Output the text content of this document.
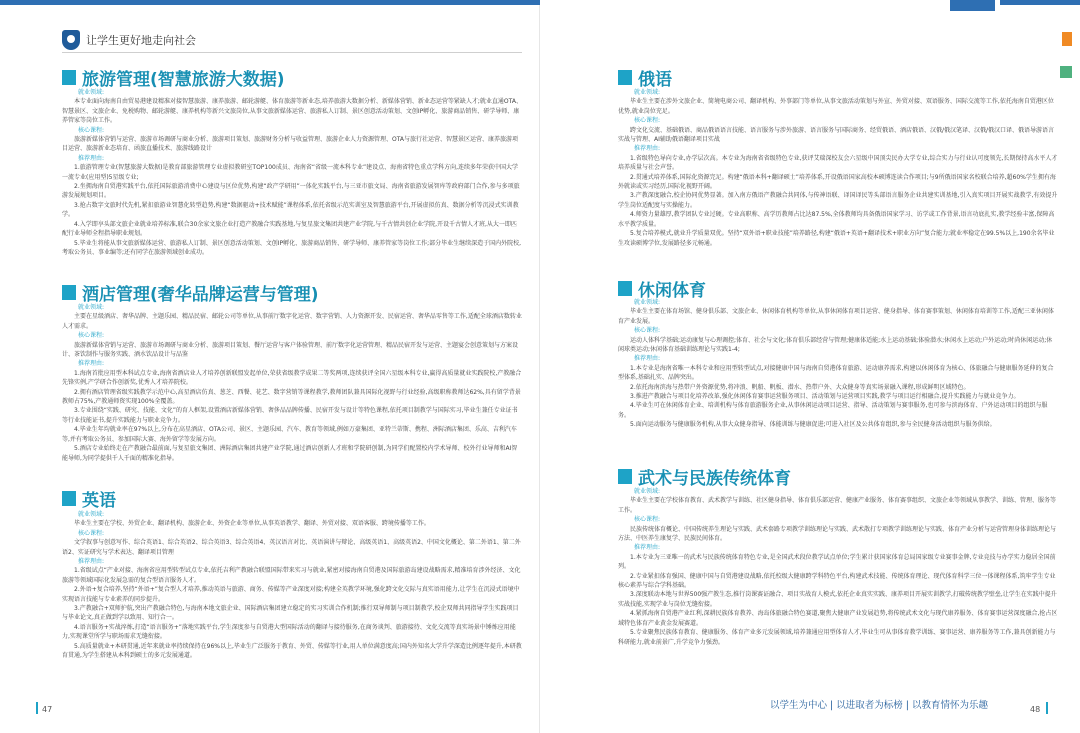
让学生更好地走向社会
旅游管理(智慧旅游大数据)
就业领域:

本专业面向海南自由贸易港建设精准对接智慧旅游、康养旅游、邮轮游艇、体育旅游等新业态,培养旅游大数据分析、新媒体营销、新业态运营等紧缺人才;就业直通OTA、智慧景区、文旅企业、免税购物、邮轮游艇、康养机构等新兴文旅岗位,从事文旅新媒体运营、旅游私人订制、景区创意活动策划、文创IP孵化、旅游商品销售、研学导师、康养管家等岗位工作。

核心课程:

旅游新媒体营销与运营、旅游市场调研与商业分析、旅游项目策划、旅游财务分析与收益管理、旅游企业人力资源管理、OTA与旅行社运营、智慧景区运营、康养旅游项目运营、旅游新业态培育、函旅直播技术、旅游线路设计

推荐理由:

1.旅游管理专业(智慧旅游大数据)是教育部旅游管理专业虚拟教研室TOP100成员、海南省“省级一流本科专业”建设点、海南省特色重点学科方向,连续多年荣获中国大学一流专业(应用型)5星级专业;

2.坐拥海南自贸港实践平台,依托国际旅游消费中心建设与区位优势,构建“政产学研用”一体化实践平台,与三亚市旅文局、海南省旅游发展智库等政府部门合作,参与多项旅游发展规划项目。

3.抢占数字文旅时代先机,紧扣旅游业智慧化转型趋势,构建“数据驱动+技术赋能”课程体系,依托省级示范实训室及智慧旅游平台,开展虚拟仿真、数据分析等沉浸式实训教学。

4.入学即享头部文旅企业就业培养标准,联合30余家文旅企业打造产教融合实践基地,与复星旅文集团共建产业学院,与千古情共创企业学院,开设千古情人才班,从大一即匹配行业导师全程指导职业规划。

5.毕业生将能从事文旅新媒体运营、旅游私人订制、景区创意活动策划、文创IP孵化、旅游商品销售、研学导师、康养管家等岗位工作;部分毕业生继续深造于国内外院校,考取公务员、事业编等;还有同学在旅游领域创业成功。

酒店管理(奢华品牌运营与管理)
就业领域:

主要在星级酒店、奢华品牌、主题乐园、精品民宿、邮轮公司等单位,从事前厅数字化运营、数字营销、人力资源开发、民宿运营、奢华品零售等工作,适配全球酒店数转业人才需求。

核心课程:

旅游新媒体营销与运营、旅游市场调研与商业分析、旅游项目策划、餐厅运营与客户体验管理、前厅数字化运营管理、精品民宿开发与运营、主题宴会创意策划与方案设计、茶饮制作与服务实践、酒水饮品设计与品鉴

推荐理由:

1.海南首批应用型本科试点专业,海南省酒店业人才培养创新联盟发起单位,荣获省级教学成果二等奖两项,连续获评全国六星级本科专业,赢得高质量就业实践院校,产教融合先锋实例,产学研合作创新奖,优秀人才培养院校。

2.拥有酒店管理省级实践教学示范中心,高星酒店仿真、葱芝、西餐、花艺、数字营销等课程教学,教师团队兼具国际化视野与行业经验,高级职称教师达62%,具有留学背景教师占75%,产教通师资实现100%全覆盖。

3.专业围绕“实践、研究、技能、文化”的育人框架,设置酒店新媒体营销、奢侈品品牌传播、民宿开发与设计等特色课程,依托项目制教学与国际实习,毕业生兼任专业证书等行业技能证书,提升实践能力与职业竞争力。

4.毕业生年均就业率在97%以上,分布在高星酒店、OTA公司、景区、主题乐园、汽车、教育等领域,例如万豪集团、亚特兰蒂斯、携程、洲际酒店集团、乐高、吉利汽车等,并有考取公务员、参加国际大赛、海外留学等发展方向。

5.酒店专业始终走在产教融合最前面,与复星旅文集团、洲际酒店集团共建产业学院,通过酒店创新人才班和学院研创制,为同学们配置校内学术导师、校外行业导师和AI智能导师,为同学提供千人千面的精准化指导。

英语
就业领域:

毕业生主要在学校、外贸企业、翻译机构、旅游企业、外资企业等单位,从事英语教学、翻译、外贸对接、双语客服、跨境传播等工作。

核心课程:

文学叙事与创意写作、综合英语1、综合英语2、综合英语3、综合英语4、英汉语言对比、英语演讲与辩论、高级英语1、高级英语2、中国文化概论、第二外语1、第二外语2、实证研究与学术表达、翻译项目管理

推荐理由:

1.省级试点“产业对接、海南省应用型转型试点专业,依托吉利产教融合联盟国际带来实习与就业,紧密对接海南自贸港及国际旅游岛建设战略需求,精准培育涉外经济、文化旅游等领域国际化发展急需的复合型语言服务人才。

2.外语+复合培养,坚持“外语+”复合型人才培养,推动英语与旅游、商务、传媒等产业深度对接;构建全英教学环境,强化跨文化交际与真实语用能力,让学生在沉浸式语境中实现语言技能与专业素养的同步提升。

3.产教融合+双师护航,突出产教融合特色,与海南本地文旅企业、国际酒店集团建立稳定的实习实训合作机制;推行双导师制与项目制教学,校企双师共同指导学生实践项目与毕业论文,真正做到学以致用、知行合一。

4.语言服务+实战淬炼,打造“语言服务+”落地实践平台,学生深度参与自贸港大型国际活动的翻译与接待服务,在商务谈判、旅游接待、文化交流等真实场景中锤炼应用能力,实现课堂所学与职场需求无缝衔接。

5.高质量就业+本研贯通,近年来就业率持续保持在96%以上,毕业生广泛服务于教育、外贸、传媒等行业,用人单位满意度高;国内外知名大学升学深造比例逐年提升,本研教育贯通,为学生搭建从本科到硕士的多元发展通道。

47
俄语
就业领域:

毕业生主要在涉外文旅企业、简境电商公司、翻译机构、外事部门等单位,从事文旅活动策划与外宣、外贸对接、双语服务、国际交流等工作,依托海南自贸港区位优势,就业岗位充足。

核心课程:

跨文化交流、基础俄语、商品俄语语言技能、语言服务与涉外旅游、语言服务与国际商务、经贸俄语、酒店俄语、汉俄/俄汉笔译、汉俄/俄汉口译、俄语导游语言实战与管理、AI辅助俄语翻译项目实战

推荐理由:

1.省级特色导向专业,办学层次高。本专业为海南省省级特色专业,获评艾瑞深校友会六星级中国顶尖民办大学专业,综合实力与行业认可度领先,长期保持高水平人才培养质量与社会声誉。

2.贯通式培养体系,国际化资源完足。构建“俄语本科+翻译硕士”培养体系,开设俄语国家高校本硕博连读合作项目;与9所俄语国家名校联合培养,超60%学生拥有海外就读或实习经历,国际化视野开阔。

3.产教深度融合,校企协同优势显著。加入南方俄语产教融合共同体,与传神语联、译国译民等头部语言服务企业共建实训基地,引入真实项目开展实战教学,有效提升学生岗位适配度与实操能力。

4.师资力量雄厚,教学团队专业过硬。专业高职称、高学历教师占比达87.5%,全体教师均具备俄语国家学习、访学或工作背景,语言功底扎实,教学经验丰富,保障高水平教学质量。

5.复合培养模式,就业升学质量双优。坚持“双外语+职业技能”培养路径,构建“俄语+英语+翻译技术+职业方向”复合能力;就业率稳定在99.5%以上,190余名毕业生攻读硕博学位,发展路径多元畅通。

休闲体育
就业领域:

毕业生主要在体育场馆、健身俱乐部、文旅企业、休闲体育机构等单位,从事休闲体育项目运营、健身指导、体育赛事策划、休闲体育培训等工作,适配三亚休闲体育产业发展。

核心课程:

运动人体科学基础;运动康复与心理调控;体育、社会与文化;体育俱乐部经营与管理;健康体适能;水上运动基础;体验潜水;休闲水上运动;户外运动;时尚休闲运动;休闲球类运动;休闲体育基础训练理论与实践1-4;

推荐理由:

1.本专业是海南省唯一本科专业和应用型转型试点,对接健康中国与海南自贸港体育旅游、运动康养需求,构建以休闲体育为核心、体旅融合与健康服务延伸的复合型体系,基础扎实、品牌突出。

2.依托海南滨海与热带户外资源优势,将冲浪、帆船、帆板、潜水、热带户外、大众健身等真实场景融入课程,形成鲜明区域特色。

3.推进产教融合与项目化培养改革,强化休闲体育赛事运营服务项目、活动策划与运营项目实践,教学与项目运行相融合,提升实践能力与就业竞争力。

4.毕业生可在休闲体育企业、培训机构与体育旅游服务企业,从事休闲运动项目运营、指导、活动策划与赛事服务,也可参与滨海体育、户外运动项目的组织与服务。

5.面向运动服务与健康服务机构,从事大众健身指导、体能训练与健康促进;可进入社区及公共体育组织,参与全民健身活动组织与服务供给。

武术与民族传统体育
就业领域:

毕业生主要在学校体育教育、武术教学与训练、社区健身指导、体育俱乐部运营、健康产业服务、体育赛事组织、文旅企业等领域从事教学、训练、管理、服务等工作。

核心课程:

民族传统体育概论、中国传统养生理论与实践、武术套路专项教学训练理论与实践、武术散打专项教学训练理论与实践、体育产业分析与运营管理身体训练理论与方法、中医养生康复学、民族民间体育。

推荐理由:

1.本专业为三亚唯一的武术与民族传统体育特色专业,是全国武术段位教学试点单位;学生累计获国家体育总局国家级专业赛事金牌,专业竞技与办学实力稳居全国前列。

2.专业紧扣体育强国、健康中国与自贸港建设战略,依托校级大健康跨学科特色平台,构建武术技能、传统体育理论、现代体育科学三位一体课程体系,筑牢学生专业核心素养与综合学科基础。

3.深度联动本地与世界500强产教生态,推行岗课赛证融合、项目实战育人模式,依托企业真实实践、康养项目开展实训教学,打破传统教学壁垒,让学生在实践中提升实战技能,实现学业与岗位无缝衔接。

4.紧抓海南自贸港产业红利,深耕民族体育教养、海岛体旅融合特色赛道,聚焦大健康产业发展趋势,将传统武术文化与现代康养服务、体育赛事运营深度融合,抢占区域特色体育产业黄金发展赛道。

5.专业聚焦民族体育教育、健康服务、体育产业多元发展领域,培养兼通应用型体育人才,毕业生可从事体育教学训练、赛事运营、康养服务等工作,兼具创新能力与科研能力,就业前景广,升学竞争力强劲。

以学生为中心 | 以进取者为标榜 | 以教育情怀为乐趣	48
